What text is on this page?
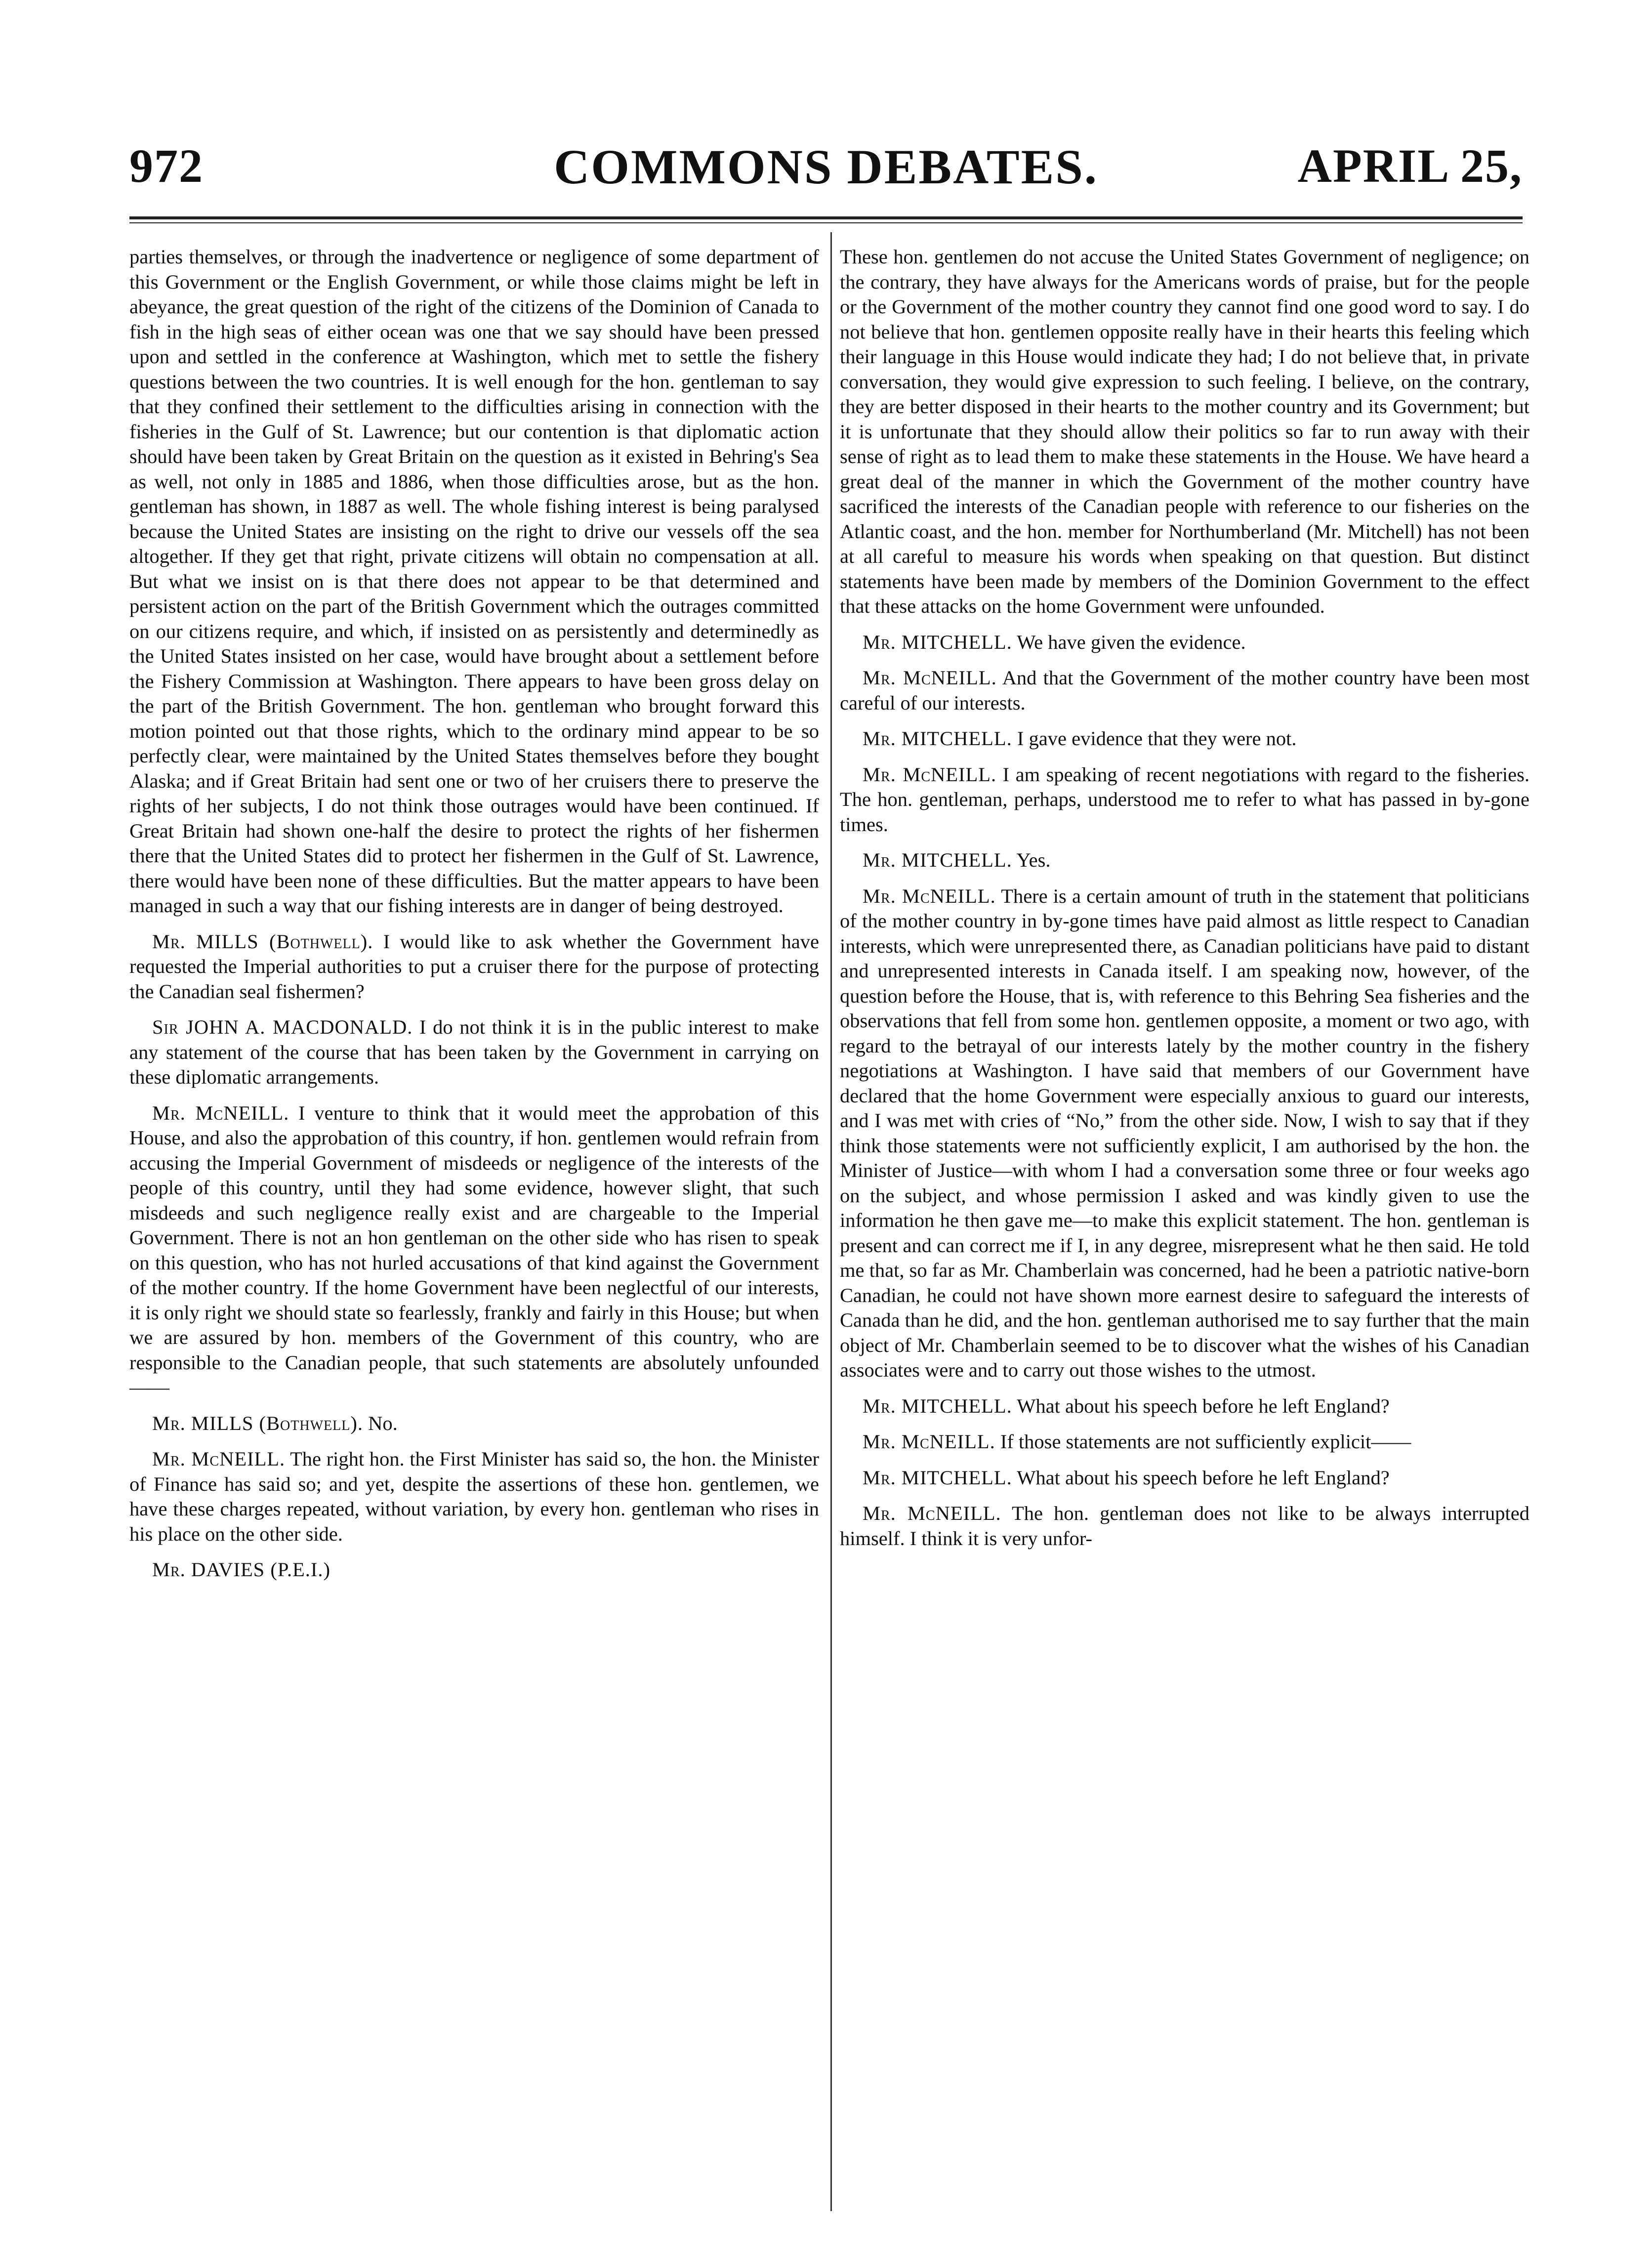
972	COMMONS DEBATES.	APRIL 25,

parties themselves, or through the inadvertence or negligence of some department of this Government or the English Government, or while those claims might be left in abeyance, the great question of the right of the citizens of the Dominion of Canada to fish in the high seas of either ocean was one that we say should have been pressed upon and settled in the conference at Washington, which met to settle the fishery questions between the two countries. It is well enough for the hon. gentleman to say that they confined their settlement to the difficulties arising in connection with the fisheries in the Gulf of St. Lawrence; but our contention is that diplomatic action should have been taken by Great Britain on the question as it existed in Behring's Sea as well, not only in 1885 and 1886, when those difficulties arose, but as the hon. gentleman has shown, in 1887 as well. The whole fishing interest is being paralysed because the United States are insisting on the right to drive our vessels off the sea altogether. If they get that right, private citizens will obtain no compensation at all. But what we insist on is that there does not appear to be that determined and persistent action on the part of the British Government which the outrages committed on our citizens require, and which, if insisted on as persistently and determinedly as the United States insisted on her case, would have brought about a settlement before the Fishery Commission at Washington. There appears to have been gross delay on the part of the British Government. The hon. gentleman who brought forward this motion pointed out that those rights, which to the ordinary mind appear to be so perfectly clear, were maintained by the United States themselves before they bought Alaska; and if Great Britain had sent one or two of her cruisers there to preserve the rights of her subjects, I do not think those outrages would have been continued. If Great Britain had shown one-half the desire to protect the rights of her fishermen there that the United States did to protect her fishermen in the Gulf of St. Lawrence, there would have been none of these difficulties. But the matter appears to have been managed in such a way that our fishing interests are in danger of being destroyed.

Mr. MILLS (Bothwell). I would like to ask whether the Government have requested the Imperial authorities to put a cruiser there for the purpose of protecting the Canadian seal fishermen?

Sir JOHN A. MACDONALD. I do not think it is in the public interest to make any statement of the course that has been taken by the Government in carrying on these diplomatic arrangements.

Mr. McNEILL. I venture to think that it would meet the approbation of this House, and also the approbation of this country, if hon. gentlemen would refrain from accusing the Imperial Government of misdeeds or negligence of the interests of the people of this country, until they had some evidence, however slight, that such misdeeds and such negligence really exist and are chargeable to the Imperial Government. There is not an hon gentleman on the other side who has risen to speak on this question, who has not hurled accusations of that kind against the Government of the mother country. If the home Government have been neglectful of our interests, it is only right we should state so fearlessly, frankly and fairly in this House; but when we are assured by hon. members of the Government of this country, who are responsible to the Canadian people, that such statements are absolutely unfounded——

Mr. MILLS (Bothwell). No.

Mr. McNEILL. The right hon. the First Minister has said so, the hon. the Minister of Finance has said so; and yet, despite the assertions of these hon. gentlemen, we have these charges repeated, without variation, by every hon. gentleman who rises in his place on the other side.

Mr. DAVIES (P.E.I.)

These hon. gentlemen do not accuse the United States Government of negligence; on the contrary, they have always for the Americans words of praise, but for the people or the Government of the mother country they cannot find one good word to say. I do not believe that hon. gentlemen opposite really have in their hearts this feeling which their language in this House would indicate they had; I do not believe that, in private conversation, they would give expression to such feeling. I believe, on the contrary, they are better disposed in their hearts to the mother country and its Government; but it is unfortunate that they should allow their politics so far to run away with their sense of right as to lead them to make these statements in the House. We have heard a great deal of the manner in which the Government of the mother country have sacrificed the interests of the Canadian people with reference to our fisheries on the Atlantic coast, and the hon. member for Northumberland (Mr. Mitchell) has not been at all careful to measure his words when speaking on that question. But distinct statements have been made by members of the Dominion Government to the effect that these attacks on the home Government were unfounded.

Mr. MITCHELL. We have given the evidence.

Mr. McNEILL. And that the Government of the mother country have been most careful of our interests.

Mr. MITCHELL. I gave evidence that they were not.

Mr. McNEILL. I am speaking of recent negotiations with regard to the fisheries. The hon. gentleman, perhaps, understood me to refer to what has passed in by-gone times.

Mr. MITCHELL. Yes.

Mr. McNEILL. There is a certain amount of truth in the statement that politicians of the mother country in by-gone times have paid almost as little respect to Canadian interests, which were unrepresented there, as Canadian politicians have paid to distant and unrepresented interests in Canada itself. I am speaking now, however, of the question before the House, that is, with reference to this Behring Sea fisheries and the observations that fell from some hon. gentlemen opposite, a moment or two ago, with regard to the betrayal of our interests lately by the mother country in the fishery negotiations at Washington. I have said that members of our Government have declared that the home Government were especially anxious to guard our interests, and I was met with cries of “No,” from the other side. Now, I wish to say that if they think those statements were not sufficiently explicit, I am authorised by the hon. the Minister of Justice—with whom I had a conversation some three or four weeks ago on the subject, and whose permission I asked and was kindly given to use the information he then gave me—to make this explicit statement. The hon. gentleman is present and can correct me if I, in any degree, misrepresent what he then said. He told me that, so far as Mr. Chamberlain was concerned, had he been a patriotic native-born Canadian, he could not have shown more earnest desire to safeguard the interests of Canada than he did, and the hon. gentleman authorised me to say further that the main object of Mr. Chamberlain seemed to be to discover what the wishes of his Canadian associates were and to carry out those wishes to the utmost.

Mr. MITCHELL. What about his speech before he left England?

Mr. McNEILL. If those statements are not sufficiently explicit——

Mr. MITCHELL. What about his speech before he left England?

Mr. McNEILL. The hon. gentleman does not like to be always interrupted himself. I think it is very unfor-
